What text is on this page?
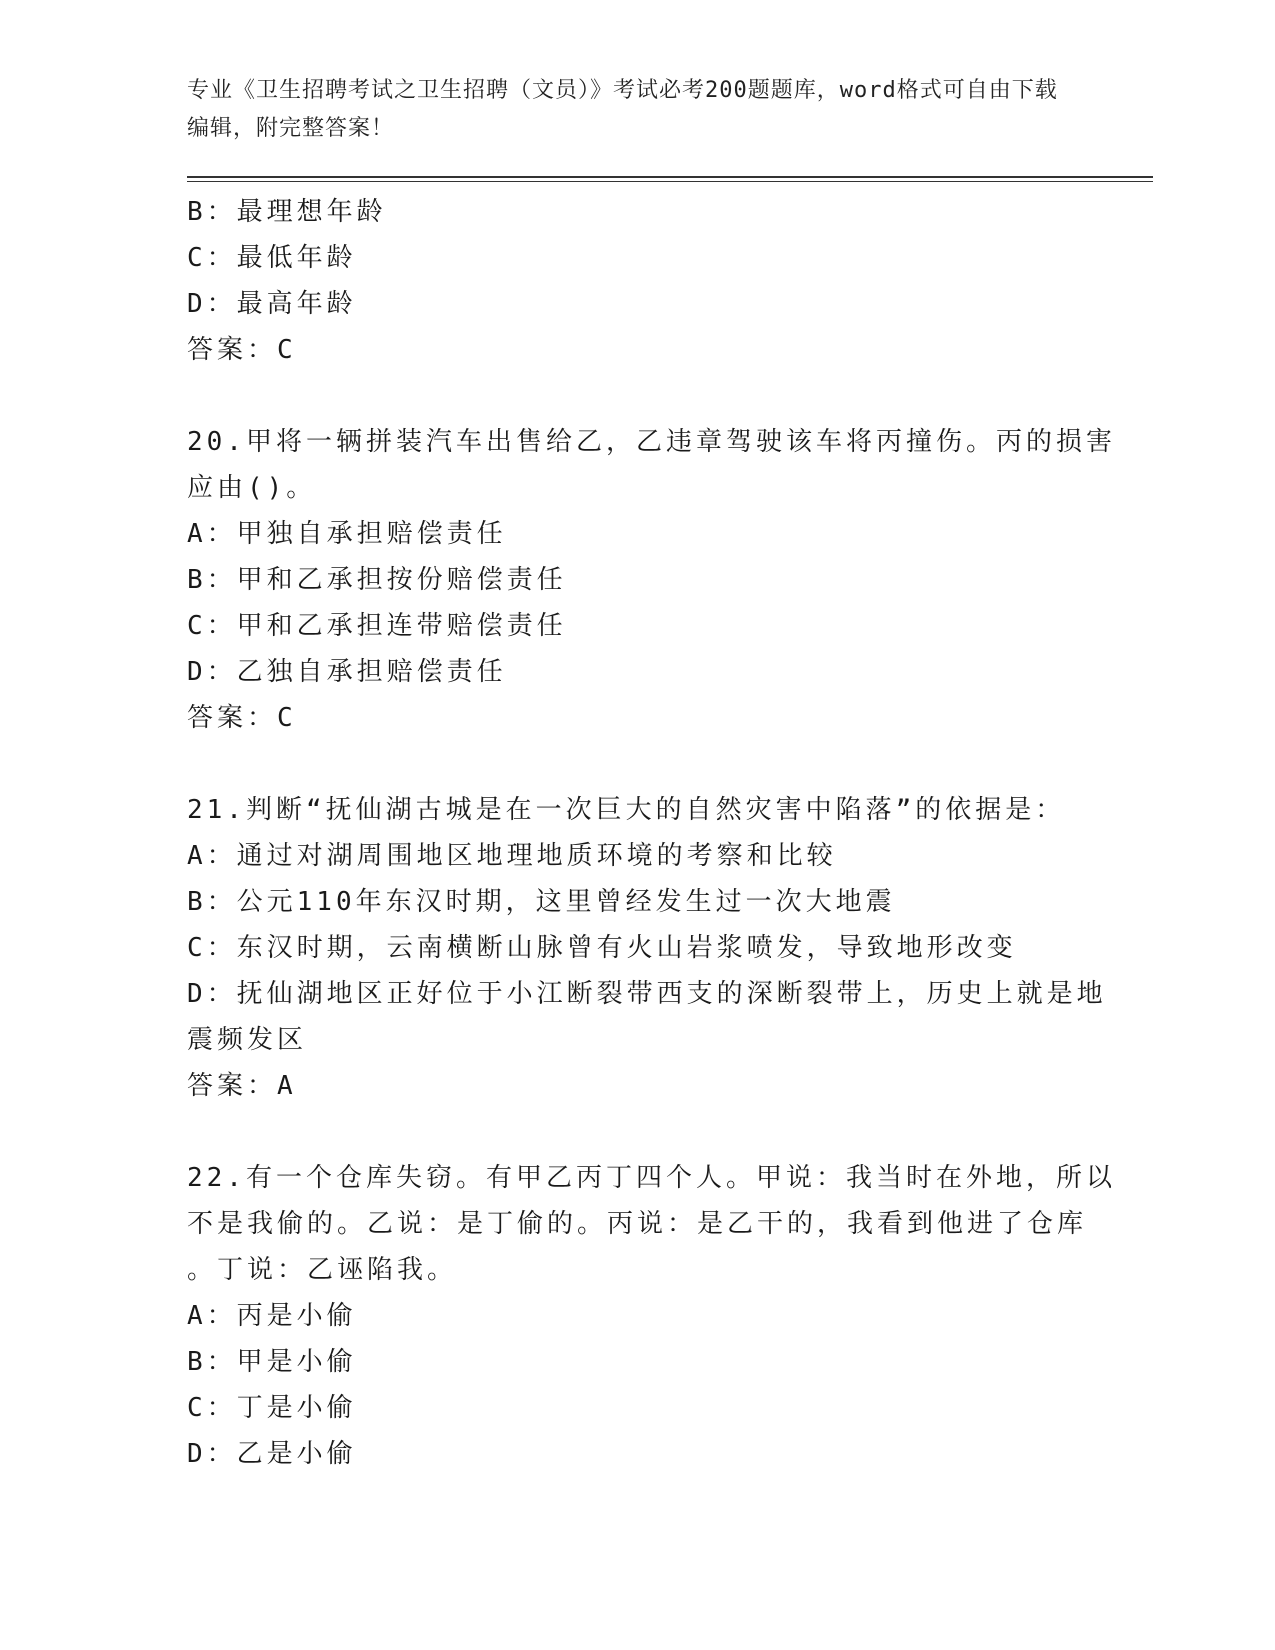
专业《卫生招聘考试之卫生招聘（文员）》考试必考200题题库，word格式可自由下载编辑，附完整答案！

B：最理想年龄

C：最低年龄

D：最高年龄

答案：C

20.甲将一辆拼装汽车出售给乙，乙违章驾驶该车将丙撞伤。丙的损害

应由()。

A：甲独自承担赔偿责任

B：甲和乙承担按份赔偿责任

C：甲和乙承担连带赔偿责任

D：乙独自承担赔偿责任

答案：C

21.判断“抚仙湖古城是在一次巨大的自然灾害中陷落”的依据是：

A：通过对湖周围地区地理地质环境的考察和比较

B：公元110年东汉时期，这里曾经发生过一次大地震

C：东汉时期，云南横断山脉曾有火山岩浆喷发，导致地形改变

D：抚仙湖地区正好位于小江断裂带西支的深断裂带上，历史上就是地

震频发区

答案：A

22.有一个仓库失窃。有甲乙丙丁四个人。甲说：我当时在外地，所以

不是我偷的。乙说：是丁偷的。丙说：是乙干的，我看到他进了仓库

。丁说：乙诬陷我。

A：丙是小偷

B：甲是小偷

C：丁是小偷

D：乙是小偷
